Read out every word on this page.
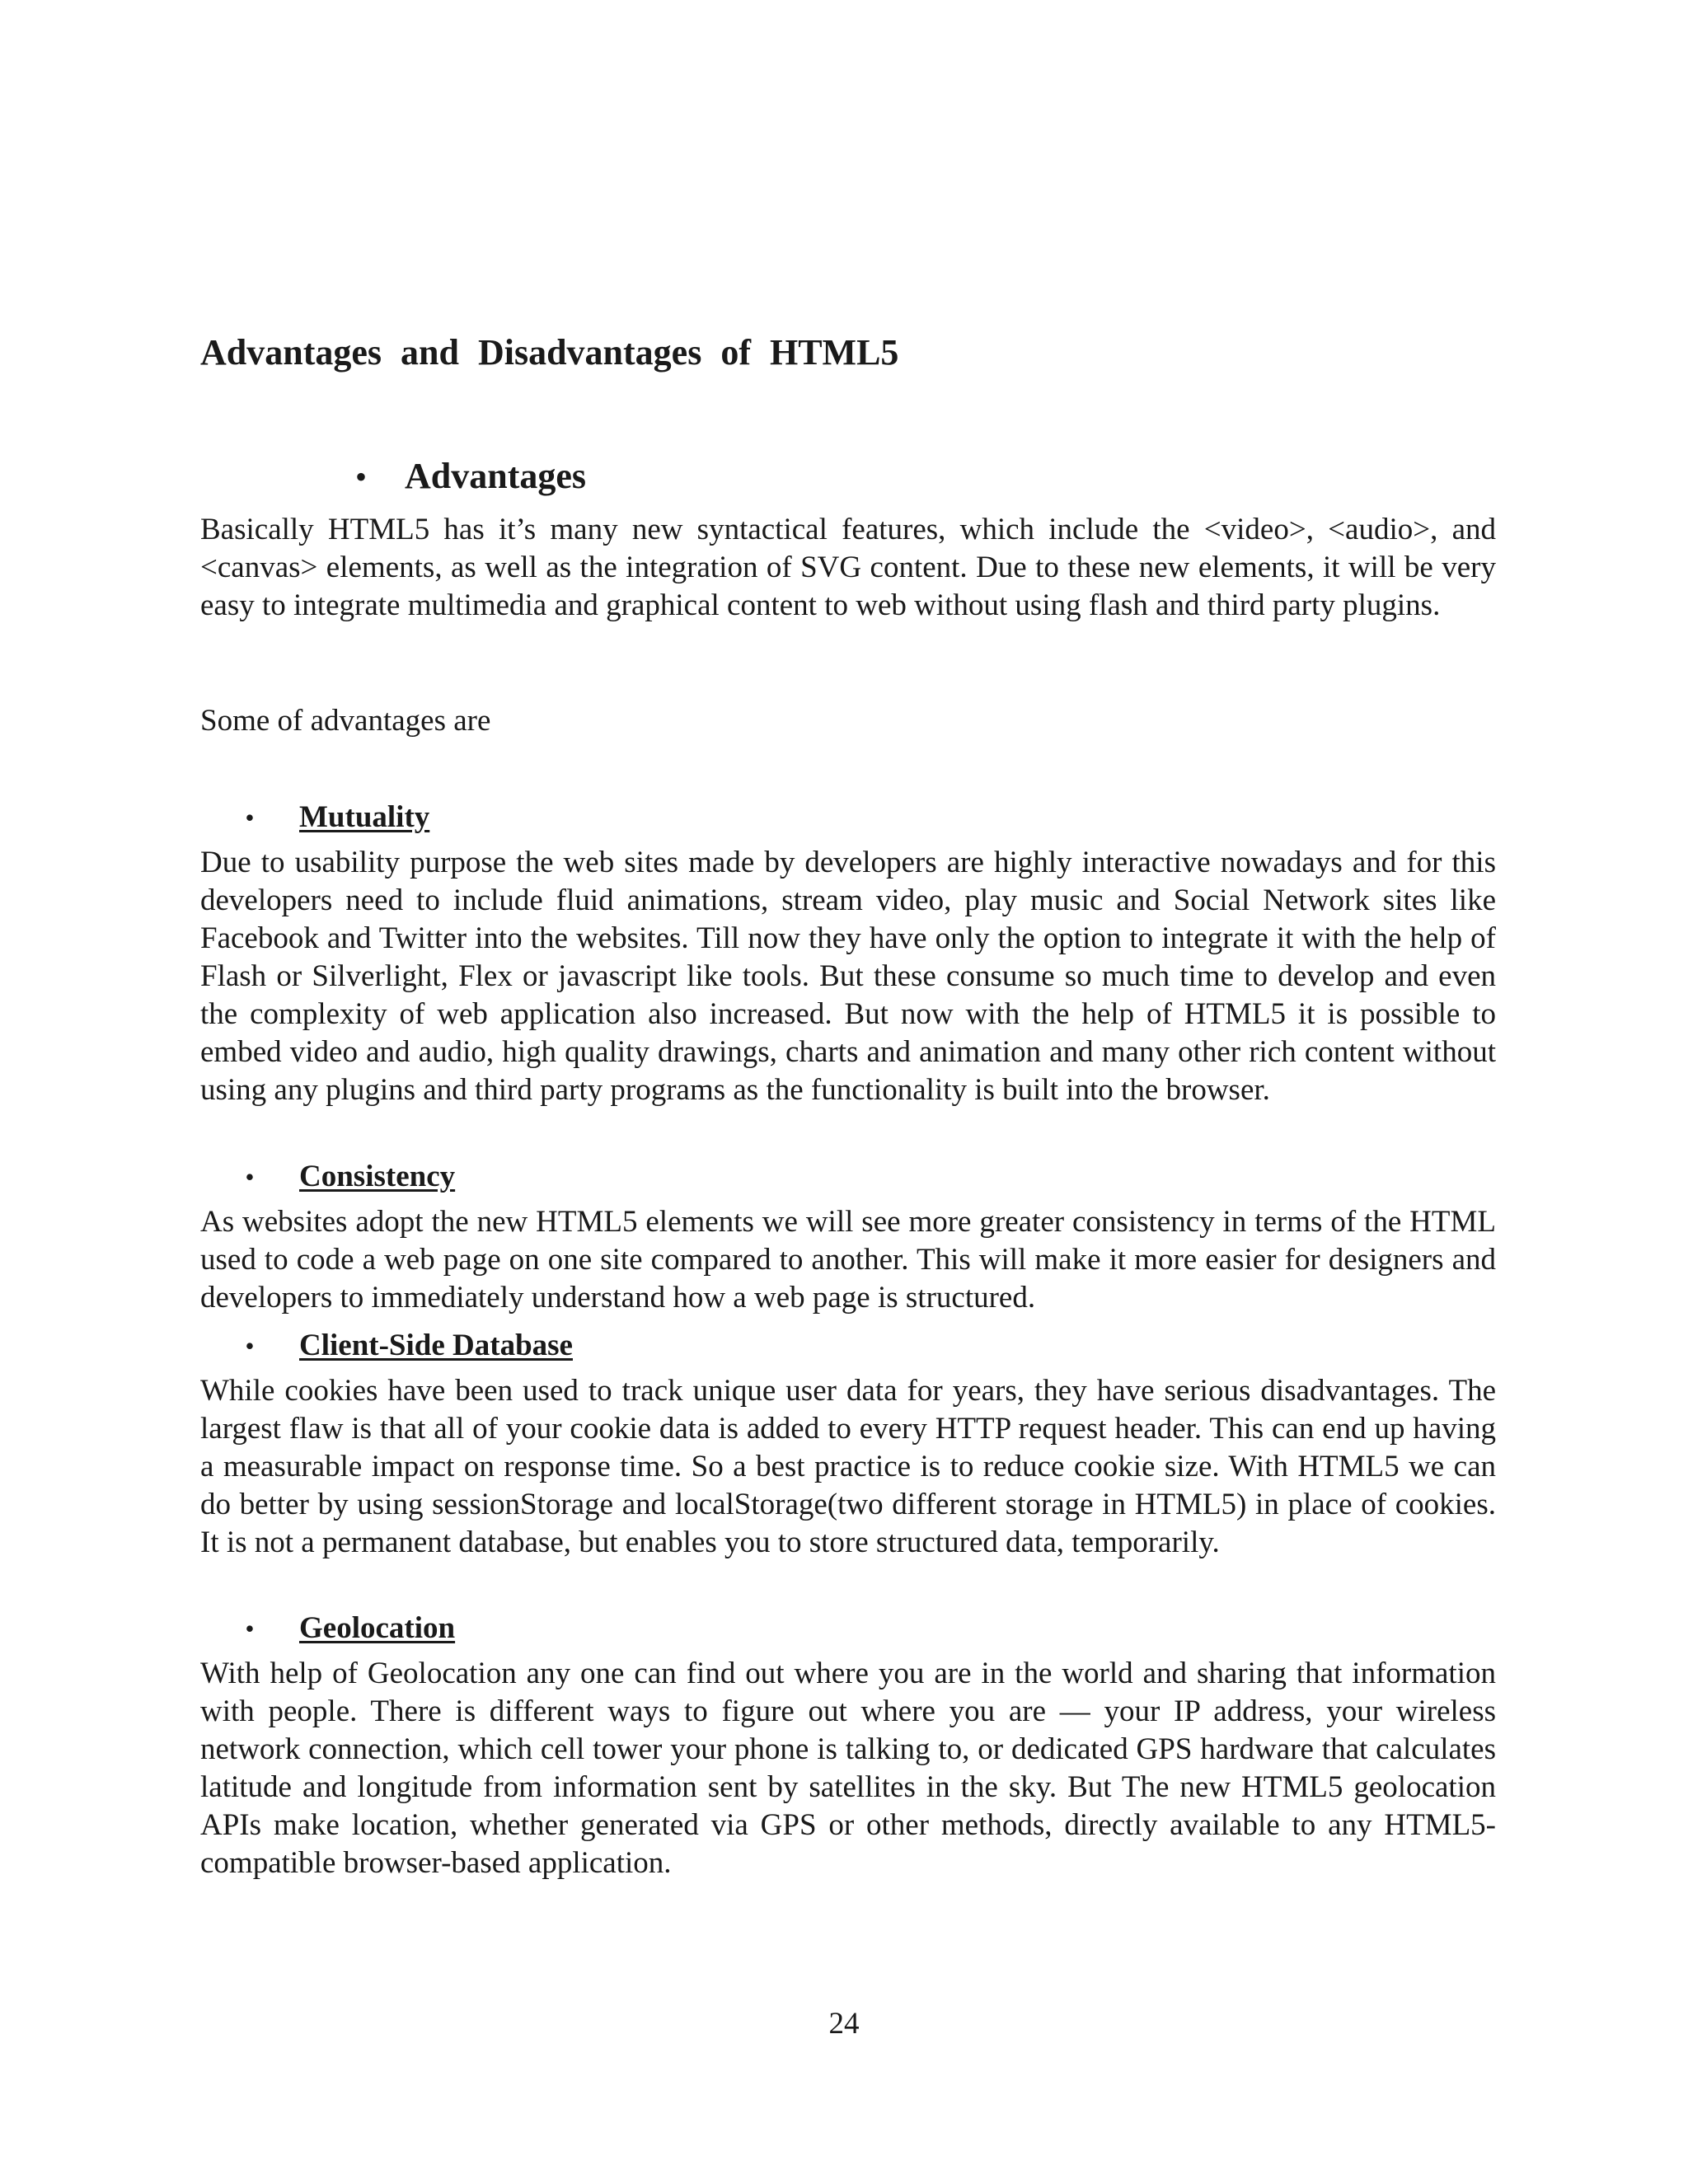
Advantages and Disadvantages of HTML5
• Advantages

Basically HTML5 has it’s many new syntactical features, which include the <video>, <audio>, and <canvas> elements, as well as the integration of SVG content. Due to these new elements, it will be very easy to integrate multimedia and graphical content to web without using flash and third party plugins.

Some of advantages are

• Mutuality

Due to usability purpose the web sites made by developers are highly interactive nowadays and for this developers need to include fluid animations, stream video, play music and Social Network sites like Facebook and Twitter into the websites. Till now they have only the option to integrate it with the help of Flash or Silverlight, Flex or javascript like tools. But these consume so much time to develop and even the complexity of web application also increased. But now with the help of HTML5 it is possible to embed video and audio, high quality drawings, charts and animation and many other rich content without using any plugins and third party programs as the functionality is built into the browser.

• Consistency

As websites adopt the new HTML5 elements we will see more greater consistency in terms of the HTML used to code a web page on one site compared to another. This will make it more easier for designers and developers to immediately understand how a web page is structured.

• Client-Side Database

While cookies have been used to track unique user data for years, they have serious disadvantages. The largest flaw is that all of your cookie data is added to every HTTP request header. This can end up having a measurable impact on response time. So a best practice is to reduce cookie size. With HTML5 we can do better by using sessionStorage and localStorage(two different storage in HTML5) in place of cookies. It is not a permanent database, but enables you to store structured data, temporarily.

• Geolocation

With help of Geolocation any one can find out where you are in the world and sharing that information with people. There is different ways to figure out where you are — your IP address, your wireless network connection, which cell tower your phone is talking to, or dedicated GPS hardware that calculates latitude and longitude from information sent by satellites in the sky. But The new HTML5 geolocation APIs make location, whether generated via GPS or other methods, directly available to any HTML5-compatible browser-based application.

24
